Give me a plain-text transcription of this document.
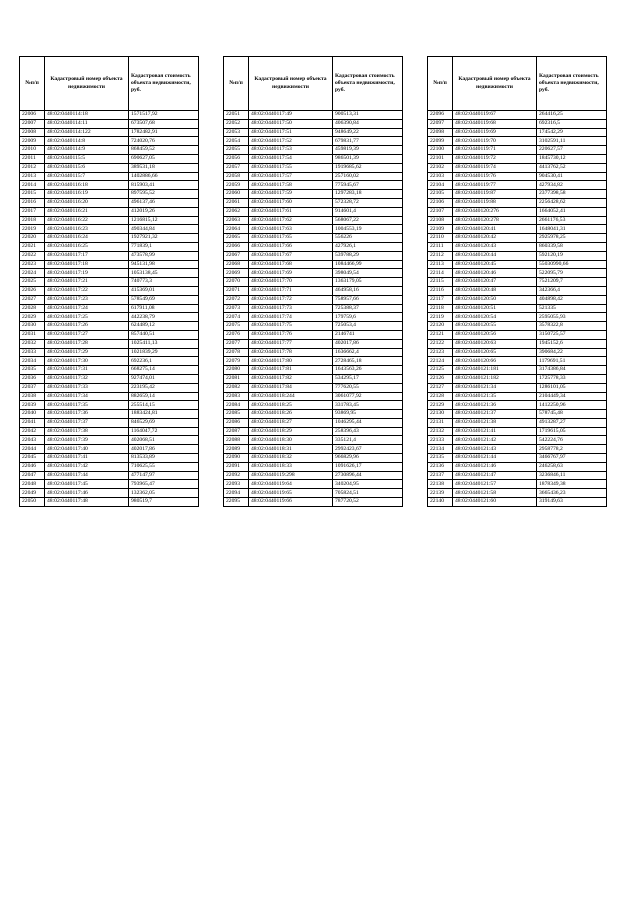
№п/п	Кадастровый номер объекта недвижимости	Кадастровая стоимость объекта недвижимости, руб.
22006	48:02:0440114:18	1571517,92
22007	48:02:0440114:11	673507,68
22008	48:02:0440114:122	1782482,91
22009	48:02:0440114:8	724020,76
22010	48:02:0440114:9	868459,52
22011	48:02:0440115:5	690627,05
22012	48:02:0440115:6	389531,18
22013	48:02:0440115:7	1402886,66
22014	48:02:0440116:18	815903,41
22015	48:02:0440116:19	897595,52
22016	48:02:0440116:20	496137,46
22017	48:02:0440116:21	412019,26
22018	48:02:0440116:22	1216815,12
22019	48:02:0440116:23	490344,84
22020	48:02:0440116:24	1927921,32
22021	48:02:0440116:25	771839,1
22022	48:02:0440117:17	473578,99
22023	48:02:0440117:18	945131,98
22024	48:02:0440117:19	1053138,45
22025	48:02:0440117:21	740773,3
22026	48:02:0440117:22	415369,01
22027	48:02:0440117:23	578549,69
22028	48:02:0440117:24	617911,08
22029	48:02:0440117:25	442238,79
22030	48:02:0440117:26	624489,12
22031	48:02:0440117:27	857440,51
22032	48:02:0440117:28	1025411,13
22033	48:02:0440117:29	1021839,29
22034	48:02:0440117:30	692236,1
22035	48:02:0440117:31	668275,14
22036	48:02:0440117:32	927474,01
22037	48:02:0440117:33	223195,42
22038	48:02:0440117:34	882659,14
22039	48:02:0440117:35	255514,15
22040	48:02:0440117:36	1883424,81
22041	48:02:0440117:37	846529,69
22042	48:02:0440117:38	1164047,72
22043	48:02:0440117:39	402068,51
22044	48:02:0440117:40	402017,86
22045	48:02:0440117:41	813533,89
22046	48:02:0440117:42	710625,55
22047	48:02:0440117:44	477147,97
22048	48:02:0440117:45	793965,47
22049	48:02:0440117:46	132362,05
22050	48:02:0440117:48	980519,7
№п/п	Кадастровый номер объекта недвижимости	Кадастровая стоимость объекта недвижимости, руб.
22051	48:02:0440117:49	900513,31
22052	48:02:0440117:50	406390,84
22053	48:02:0440117:51	948649,22
22054	48:02:0440117:52	679831,77
22055	48:02:0440117:53	459819,39
22056	48:02:0440117:54	986501,39
22057	48:02:0440117:55	1919685,62
22058	48:02:0440117:57	257160,02
22059	48:02:0440117:58	775945,67
22060	48:02:0440117:59	1297283,18
22061	48:02:0440117:60	572328,72
22062	48:02:0440117:61	914601,4
22063	48:02:0440117:62	568067,22
22064	48:02:0440117:63	1004553,19
22065	48:02:0440117:65	556226
22066	48:02:0440117:66	427926,1
22067	48:02:0440117:67	539788,29
22068	48:02:0440117:68	1084466,99
22069	48:02:0440117:69	398049,54
22070	48:02:0440117:70	1363179,05
22071	48:02:0440117:71	464958,16
22072	48:02:0440117:72	758957,66
22073	48:02:0440117:73	725388,37
22074	48:02:0440117:74	179759,6
22075	48:02:0440117:75	725053,4
22076	48:02:0440117:76	2146741
22077	48:02:0440117:77	402017,86
22078	48:02:0440117:78	1636662,4
22079	48:02:0440117:80	2728465,18
22080	48:02:0440117:81	1643563,26
22081	48:02:0440117:82	534295,17
22082	48:02:0440117:84	777620,55
22083	48:02:0440118:244	3061077,92
22084	48:02:0440118:25	331783,45
22085	48:02:0440118:26	93869,95
22086	48:02:0440118:27	1046295,44
22087	48:02:0440118:29	258396,43
22088	48:02:0440118:30	335121,4
22089	48:02:0440118:31	2992423,67
22090	48:02:0440118:32	966829,96
22091	48:02:0440118:33	1091626,17
22092	48:02:0440119:298	2730896,44
22093	48:02:0440119:64	340204,95
22094	48:02:0440119:65	705824,51
22095	48:02:0440119:66	787720,52
№п/п	Кадастровый номер объекта недвижимости	Кадастровая стоимость объекта недвижимости, руб.
22096	48:02:0440119:67	264416,25
22097	48:02:0440119:68	692316,5
22098	48:02:0440119:69	174542,29
22099	48:02:0440119:70	3102591,11
22100	48:02:0440119:71	220627,57
22101	48:02:0440119:72	1845730,12
22102	48:02:0440119:74	4413762,52
22103	48:02:0440119:76	904530,41
22104	48:02:0440119:77	427934,82
22105	48:02:0440119:87	2377398,58
22106	48:02:0440119:88	2256428,62
22107	48:02:0440120:276	1664052,41
22108	48:02:0440120:278	2661176,53
22109	48:02:0440120:41	1648041,31
22110	48:02:0440120:42	2925978,25
22111	48:02:0440120:43	860339,58
22112	48:02:0440120:44	592120,19
22113	48:02:0440120:45	55030990,66
22114	48:02:0440120:46	522095,79
22115	48:02:0440120:47	7521209,7
22116	48:02:0440120:48	342366,4
22117	48:02:0440120:50	404898,42
22118	48:02:0440120:51	521335
22119	48:02:0440120:54	2595055,93
22120	48:02:0440120:55	3578322,8
22121	48:02:0440120:56	3150725,57
22122	48:02:0440120:63	1945152,6
22123	48:02:0440120:65	390684,22
22124	48:02:0440120:66	1179691,51
22125	48:02:0440121:181	3174386,84
22126	48:02:0440121:182	1725778,33
22127	48:02:0440121:34	1286101,05
22128	48:02:0440121:35	2104449,34
22129	48:02:0440121:36	1412250,96
22130	48:02:0440121:37	578745,48
22131	48:02:0440121:38	4913287,27
22132	48:02:0440121:41	1719615,05
22133	48:02:0440121:42	542224,76
22134	48:02:0440121:43	2958778,2
22135	48:02:0440121:44	3466767,97
22136	48:02:0440121:46	246258,63
22137	48:02:0440121:47	3236846,11
22138	48:02:0440121:57	1878349,38
22139	48:02:0440121:58	3665436,23
22140	48:02:0440121:60	319149,63
